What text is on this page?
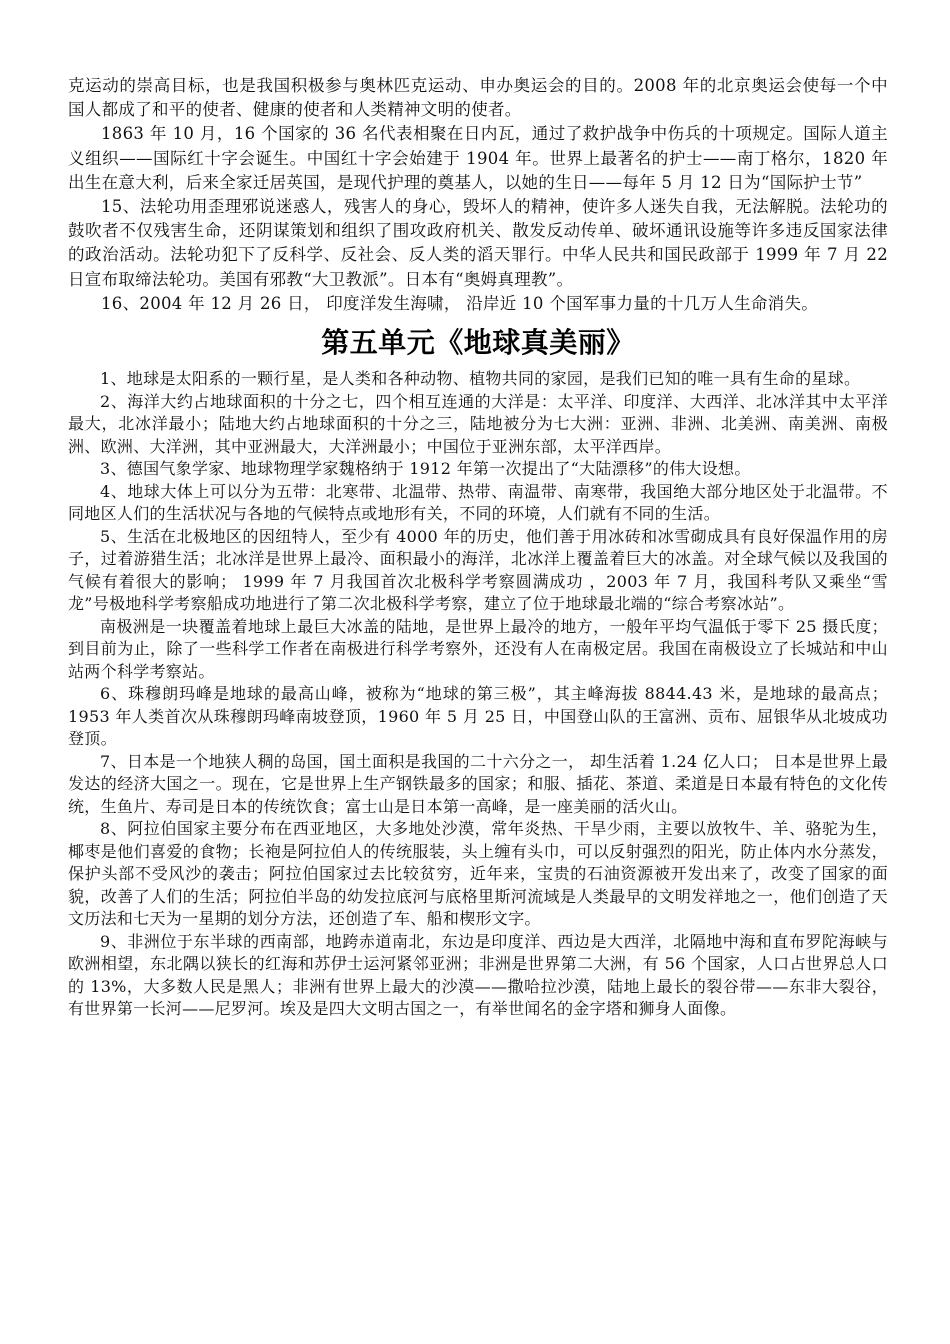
克运动的崇高目标，也是我国积极参与奥林匹克运动、申办奥运会的目的。2008 年的北京奥运会使每一个中国人都成了和平的使者、健康的使者和人类精神文明的使者。

1863 年 10 月，16 个国家的 36 名代表相聚在日内瓦，通过了救护战争中伤兵的十项规定。国际人道主义组织——国际红十字会诞生。中国红十字会始建于 1904 年。世界上最著名的护士——南丁格尔，1820 年出生在意大利，后来全家迁居英国，是现代护理的奠基人，以她的生日——每年 5 月 12 日为“国际护士节”

15、法轮功用歪理邪说迷惑人，残害人的身心，毁坏人的精神，使许多人迷失自我，无法解脱。法轮功的鼓吹者不仅残害生命，还阴谋策划和组织了围攻政府机关、散发反动传单、破坏通讯设施等许多违反国家法律的政治活动。法轮功犯下了反科学、反社会、反人类的滔天罪行。中华人民共和国民政部于 1999 年 7 月 22 日宣布取缔法轮功。美国有邪教“大卫教派”。日本有“奥姆真理教”。

16、2004 年 12 月 26 日， 印度洋发生海啸， 沿岸近 10 个国军事力量的十几万人生命消失。

第五单元《地球真美丽》

1、地球是太阳系的一颗行星，是人类和各种动物、植物共同的家园，是我们已知的唯一具有生命的星球。

2、海洋大约占地球面积的十分之七，四个相互连通的大洋是：太平洋、印度洋、大西洋、北冰洋其中太平洋最大，北冰洋最小；陆地大约占地球面积的十分之三，陆地被分为七大洲：亚洲、非洲、北美洲、南美洲、南极洲、欧洲、大洋洲，其中亚洲最大，大洋洲最小；中国位于亚洲东部，太平洋西岸。

3、德国气象学家、地球物理学家魏格纳于 1912 年第一次提出了“大陆漂移”的伟大设想。

4、地球大体上可以分为五带：北寒带、北温带、热带、南温带、南寒带，我国绝大部分地区处于北温带。不同地区人们的生活状况与各地的气候特点或地形有关，不同的环境，人们就有不同的生活。

5、生活在北极地区的因纽特人，至少有 4000 年的历史，他们善于用冰砖和冰雪砌成具有良好保温作用的房子，过着游猎生活；北冰洋是世界上最冷、面积最小的海洋，北冰洋上覆盖着巨大的冰盖。对全球气候以及我国的气候有着很大的影响； 1999 年 7 月我国首次北极科学考察圆满成功 ，2003 年 7 月，我国科考队又乘坐“雪龙”号极地科学考察船成功地进行了第二次北极科学考察，建立了位于地球最北端的“综合考察冰站”。

南极洲是一块覆盖着地球上最巨大冰盖的陆地，是世界上最冷的地方，一般年平均气温低于零下 25 摄氏度；到目前为止，除了一些科学工作者在南极进行科学考察外，还没有人在南极定居。我国在南极设立了长城站和中山站两个科学考察站。

6、珠穆朗玛峰是地球的最高山峰，被称为“地球的第三极”，其主峰海拔 8844.43 米，是地球的最高点；1953 年人类首次从珠穆朗玛峰南坡登顶，1960 年 5 月 25 日，中国登山队的王富洲、贡布、屈银华从北坡成功登顶。

7、日本是一个地狭人稠的岛国，国土面积是我国的二十六分之一， 却生活着 1.24 亿人口； 日本是世界上最发达的经济大国之一。现在，它是世界上生产钢铁最多的国家；和服、插花、茶道、柔道是日本最有特色的文化传统，生鱼片、寿司是日本的传统饮食；富士山是日本第一高峰，是一座美丽的活火山。

8、阿拉伯国家主要分布在西亚地区，大多地处沙漠，常年炎热、干旱少雨，主要以放牧牛、羊、骆驼为生，椰枣是他们喜爱的食物；长袍是阿拉伯人的传统服装，头上缠有头巾，可以反射强烈的阳光，防止体内水分蒸发，保护头部不受风沙的袭击；阿拉伯国家过去比较贫穷，近年来，宝贵的石油资源被开发出来了，改变了国家的面貌，改善了人们的生活；阿拉伯半岛的幼发拉底河与底格里斯河流域是人类最早的文明发祥地之一，他们创造了天文历法和七天为一星期的划分方法，还创造了车、船和楔形文字。

9、非洲位于东半球的西南部，地跨赤道南北，东边是印度洋、西边是大西洋，北隔地中海和直布罗陀海峡与欧洲相望，东北隅以狭长的红海和苏伊士运河紧邻亚洲；非洲是世界第二大洲，有 56 个国家，人口占世界总人口的 13%，大多数人民是黑人；非洲有世界上最大的沙漠——撒哈拉沙漠，陆地上最长的裂谷带——东非大裂谷，有世界第一长河——尼罗河。埃及是四大文明古国之一，有举世闻名的金字塔和狮身人面像。
